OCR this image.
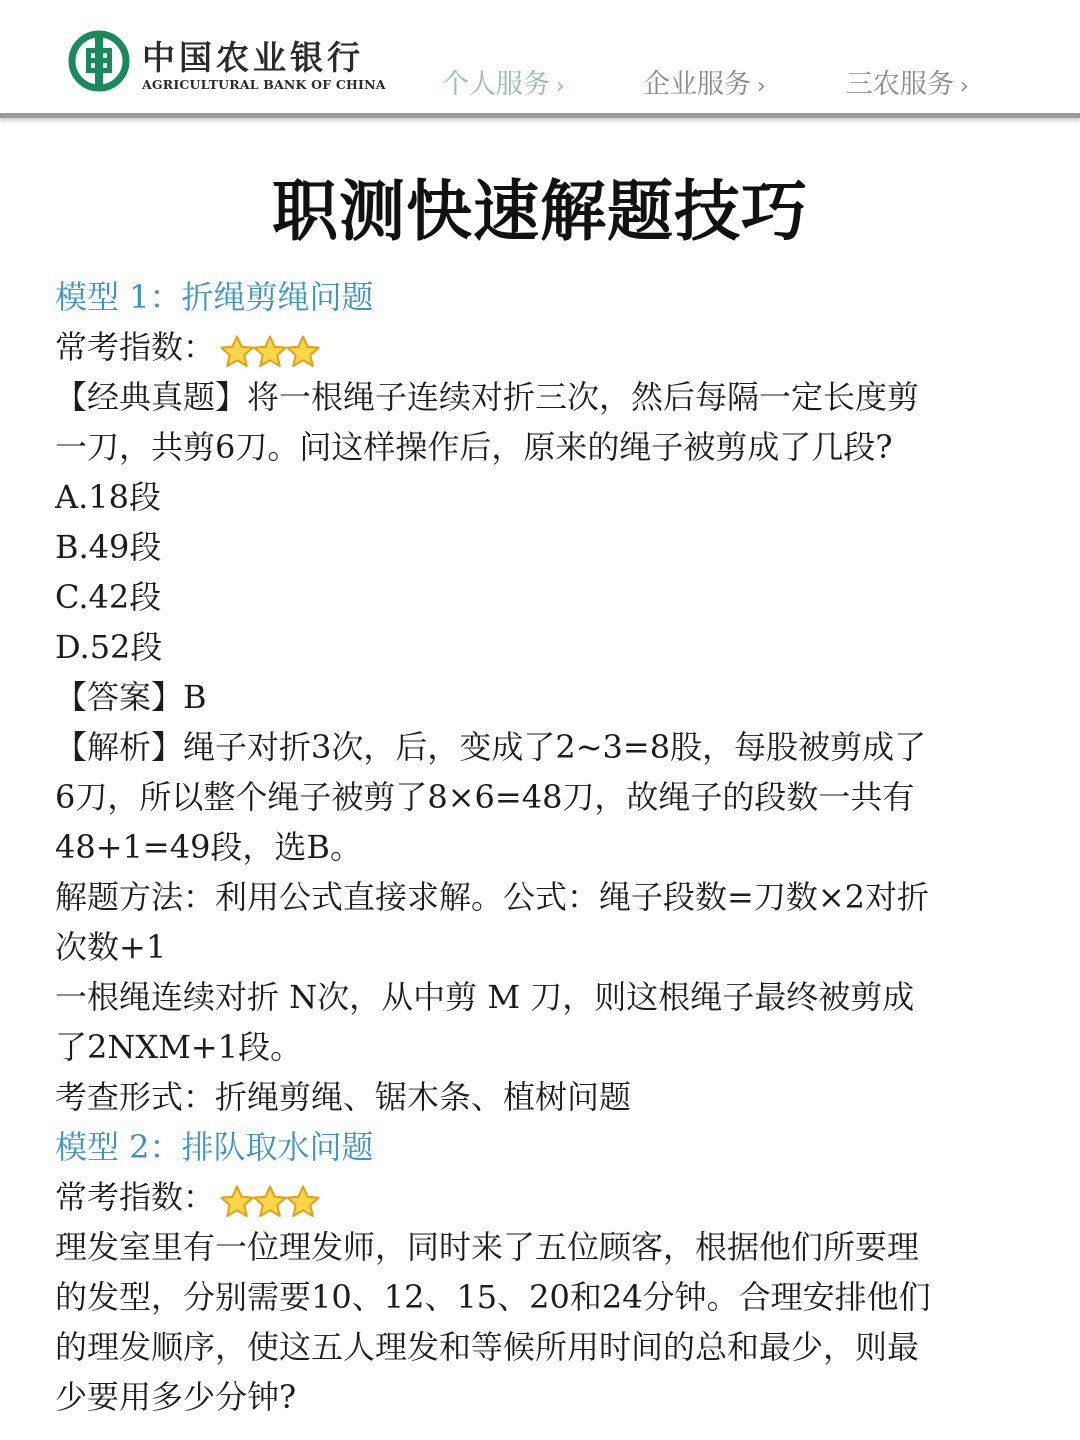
中国农业银行
AGRICULTURAL BANK OF CHINA 个人服务 ›	企业服务 ›	三农服务 ›
职测快速解题技巧
模型 1：折绳剪绳问题
常考指数：
【经典真题】将一根绳子连续对折三次，然后每隔一定长度剪
一刀，共剪6刀。问这样操作后，原来的绳子被剪成了几段?
A.18段
B.49段
C.42段
D.52段
【答案】B
【解析】绳子对折3次，后，变成了2~3=8股，每股被剪成了
6刀，所以整个绳子被剪了8×6=48刀，故绳子的段数一共有
48+1=49段，选B。
解题方法：利用公式直接求解。公式：绳子段数=刀数×2对折
次数+1
一根绳连续对折 N次，从中剪 M 刀，则这根绳子最终被剪成
了2NXM+1段。
考查形式：折绳剪绳、锯木条、植树问题
模型 2：排队取水问题
常考指数：
理发室里有一位理发师，同时来了五位顾客，根据他们所要理
的发型，分别需要10、12、15、20和24分钟。合理安排他们
的理发顺序，使这五人理发和等候所用时间的总和最少，则最
少要用多少分钟?
